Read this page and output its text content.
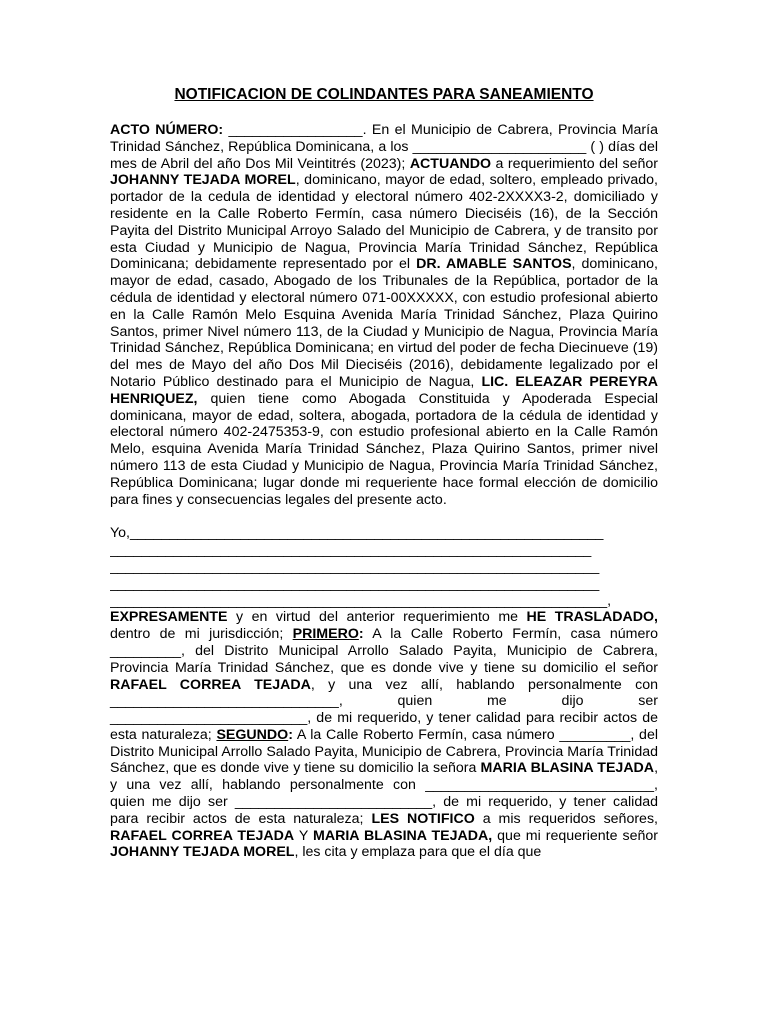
NOTIFICACION DE COLINDANTES PARA SANEAMIENTO

ACTO NÚMERO: _________________. En el Municipio de Cabrera, Provincia María Trinidad Sánchez, República Dominicana, a los ______________________ ( ) días del mes de Abril del año Dos Mil Veintitrés (2023); ACTUANDO a requerimiento del señor JOHANNY TEJADA MOREL, dominicano, mayor de edad, soltero, empleado privado, portador de la cedula de identidad y electoral número 402-2XXXX3-2, domiciliado y residente en la Calle Roberto Fermín, casa número Dieciséis (16), de la Sección Payita del Distrito Municipal Arroyo Salado del Municipio de Cabrera, y de transito por esta Ciudad y Municipio de Nagua, Provincia María Trinidad Sánchez, República Dominicana; debidamente representado por el DR. AMABLE SANTOS, dominicano, mayor de edad, casado, Abogado de los Tribunales de la República, portador de la cédula de identidad y electoral número 071-00XXXXX, con estudio profesional abierto en la Calle Ramón Melo Esquina Avenida María Trinidad Sánchez, Plaza Quirino Santos, primer Nivel número 113, de la Ciudad y Municipio de Nagua, Provincia María Trinidad Sánchez, República Dominicana; en virtud del poder de fecha Diecinueve (19) del mes de Mayo del año Dos Mil Dieciséis (2016), debidamente legalizado por el Notario Público destinado para el Municipio de Nagua, LIC. ELEAZAR PEREYRA HENRIQUEZ, quien tiene como Abogada Constituida y Apoderada Especial dominicana, mayor de edad, soltera, abogada, portadora de la cédula de identidad y electoral número 402-2475353-9, con estudio profesional abierto en la Calle Ramón Melo, esquina Avenida María Trinidad Sánchez, Plaza Quirino Santos, primer nivel número 113 de esta Ciudad y Municipio de Nagua, Provincia María Trinidad Sánchez, República Dominicana; lugar donde mi requeriente hace formal elección de domicilio para fines y consecuencias legales del presente acto.

Yo,____________________________________________________________
_____________________________________________________________
______________________________________________________________
______________________________________________________________
_______________________________________________________________,

EXPRESAMENTE y en virtud del anterior requerimiento me HE TRASLADADO, dentro de mi jurisdicción; PRIMERO: A la Calle Roberto Fermín, casa número _________, del Distrito Municipal Arrollo Salado Payita, Municipio de Cabrera, Provincia María Trinidad Sánchez, que es donde vive y tiene su domicilio el señor RAFAEL CORREA TEJADA, y una vez allí, hablando personalmente con _____________________________, quien me dijo ser _________________________, de mi requerido, y tener calidad para recibir actos de esta naturaleza; SEGUNDO: A la Calle Roberto Fermín, casa número _________, del Distrito Municipal Arrollo Salado Payita, Municipio de Cabrera, Provincia María Trinidad Sánchez, que es donde vive y tiene su domicilio la señora MARIA BLASINA TEJADA, y una vez allí, hablando personalmente con _____________________________, quien me dijo ser _________________________, de mi requerido, y tener calidad para recibir actos de esta naturaleza; LES NOTIFICO a mis requeridos señores, RAFAEL CORREA TEJADA Y MARIA BLASINA TEJADA, que mi requeriente señor JOHANNY TEJADA MOREL, les cita y emplaza para que el día que
